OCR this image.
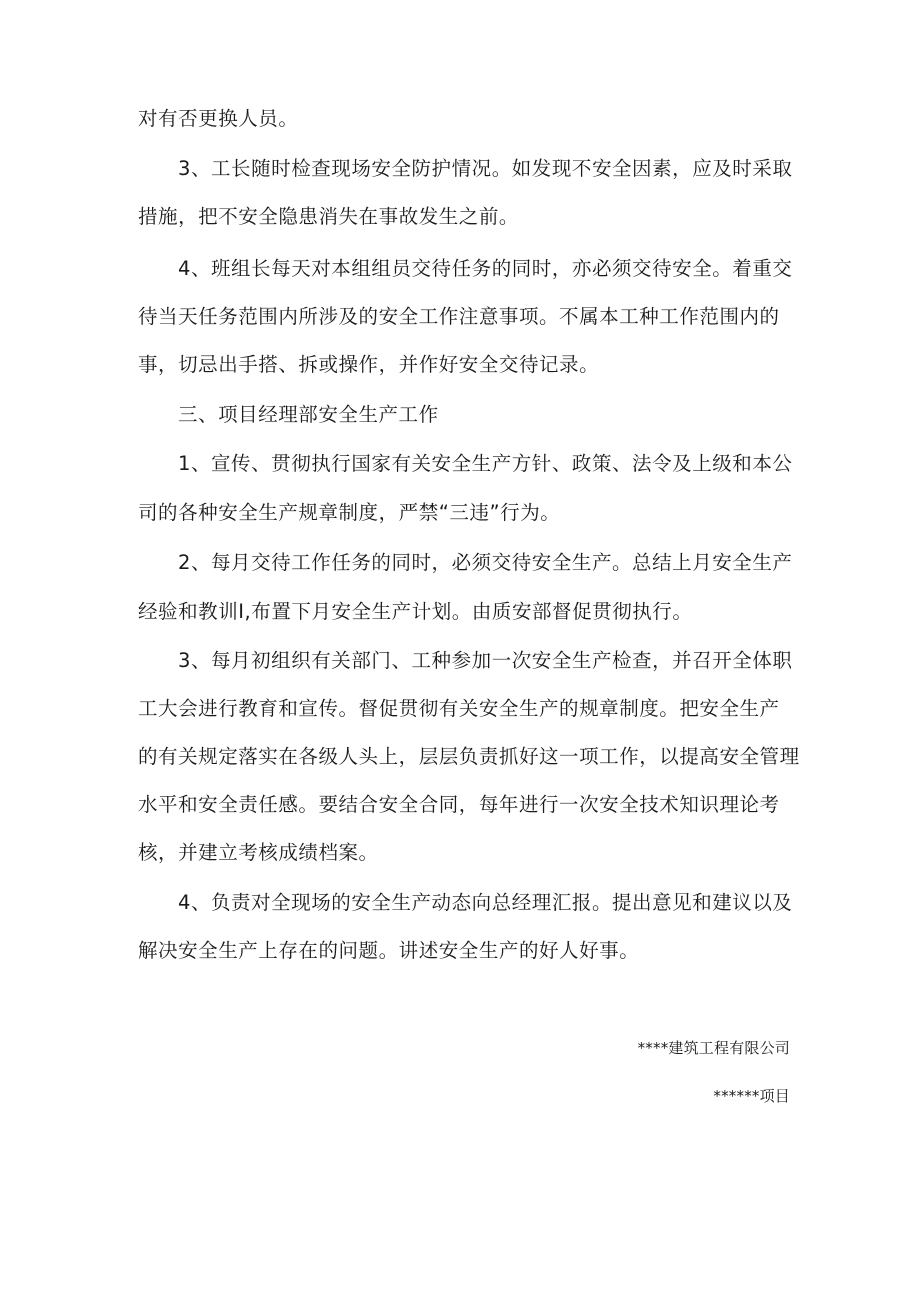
对有否更换人员。
3、工长随时检查现场安全防护情况。如发现不安全因素，应及时采取
措施，把不安全隐患消失在事故发生之前。
4、班组长每天对本组组员交待任务的同时，亦必须交待安全。着重交
待当天任务范围内所涉及的安全工作注意事项。不属本工种工作范围内的
事，切忌出手搭、拆或操作，并作好安全交待记录。
三、项目经理部安全生产工作
1、宣传、贯彻执行国家有关安全生产方针、政策、法令及上级和本公
司的各种安全生产规章制度，严禁“三违”行为。
2、每月交待工作任务的同时，必须交待安全生产。总结上月安全生产
经验和教训I,布置下月安全生产计划。由质安部督促贯彻执行。
3、每月初组织有关部门、工种参加一次安全生产检查，并召开全体职
工大会进行教育和宣传。督促贯彻有关安全生产的规章制度。把安全生产
的有关规定落实在各级人头上，层层负责抓好这一项工作，以提高安全管理
水平和安全责任感。要结合安全合同，每年进行一次安全技术知识理论考
核，并建立考核成绩档案。
4、负责对全现场的安全生产动态向总经理汇报。提出意见和建议以及
解决安全生产上存在的问题。讲述安全生产的好人好事。
****建筑工程有限公司
******项目
